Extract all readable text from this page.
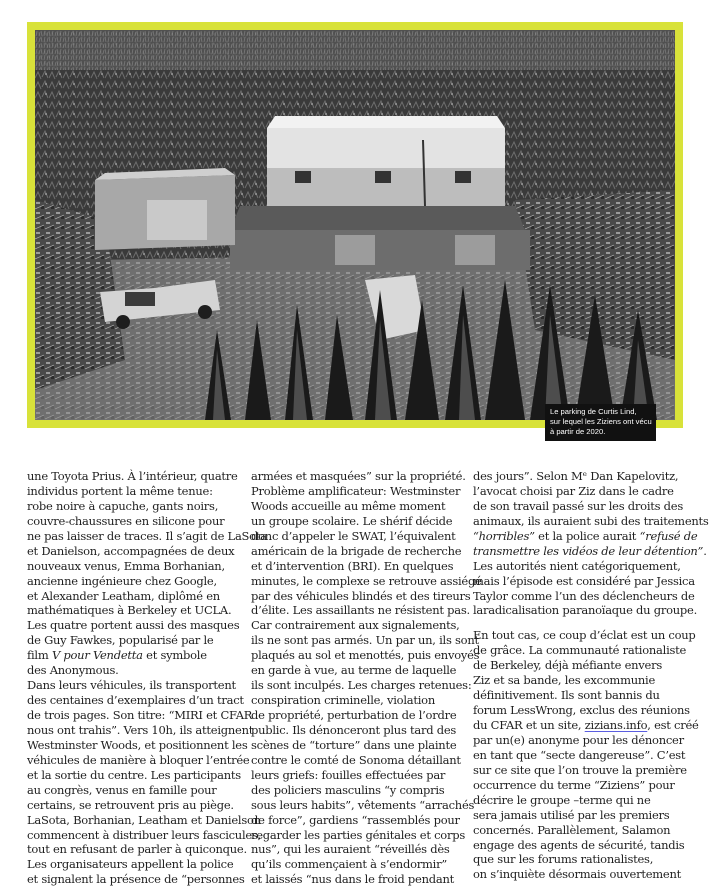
Le parking de Curtis Lind,
sur lequel les Ziziens ont vécu
à partir de 2020.
une Toyota Prius. À l’intérieur, quatre
individus portent la même tenue:
robe noire à capuche, gants noirs,
couvre-chaussures en silicone pour
ne pas laisser de traces. Il s’agit de LaSota
et Danielson, accompagnées de deux
nouveaux venus, Emma Borhanian,
ancienne ingénieure chez Google,
et Alexander Leatham, diplômé en
mathématiques à Berkeley et UCLA.
Les quatre portent aussi des masques
de Guy Fawkes, popularisé par le
film V pour Vendetta et symbole
des Anonymous.
Dans leurs véhicules, ils transportent
des centaines d’exemplaires d’un tract
de trois pages. Son titre: “MIRI et CFAR
nous ont trahis”. Vers 10h, ils atteignent
Westminster Woods, et positionnent les
véhicules de manière à bloquer l’entrée
et la sortie du centre. Les participants
au congrès, venus en famille pour
certains, se retrouvent pris au piège.
LaSota, Borhanian, Leatham et Danielson
commencent à distribuer leurs fascicules,
tout en refusant de parler à quiconque.
Les organisateurs appellent la police
et signalent la présence de “personnes
armées et masquées” sur la propriété.
Problème amplificateur: Westminster
Woods accueille au même moment
un groupe scolaire. Le shérif décide
donc d’appeler le SWAT, l’équivalent
américain de la brigade de recherche
et d’intervention (BRI). En quelques
minutes, le complexe se retrouve assiégé
par des véhicules blindés et des tireurs
d’élite. Les assaillants ne résistent pas.
Car contrairement aux signalements,
ils ne sont pas armés. Un par un, ils sont
plaqués au sol et menottés, puis envoyés
en garde à vue, au terme de laquelle
ils sont inculpés. Les charges retenues:
conspiration criminelle, violation
de propriété, perturbation de l’ordre
public. Ils dénonceront plus tard des
scènes de “torture” dans une plainte
contre le comté de Sonoma détaillant
leurs griefs: fouilles effectuées par
des policiers masculins “y compris
sous leurs habits”, vêtements “arrachés
de force”, gardiens “rassemblés pour
regarder les parties génitales et corps
nus”, qui les auraient “réveillés dès
qu’ils commençaient à s’endormir”
et laissés “nus dans le froid pendant
des jours”. Selon Mᵉ Dan Kapelovitz,
l’avocat choisi par Ziz dans le cadre
de son travail passé sur les droits des
animaux, ils auraient subi des traitements
“horribles” et la police aurait “refusé de
transmettre les vidéos de leur détention”.
Les autorités nient catégoriquement,
mais l’épisode est considéré par Jessica
Taylor comme l’un des déclencheurs de
laradicalisation paranoïaque du groupe.
En tout cas, ce coup d’éclat est un coup
de grâce. La communauté rationaliste
de Berkeley, déjà méfiante envers
Ziz et sa bande, les excommunie
définitivement. Ils sont bannis du
forum LessWrong, exclus des réunions
du CFAR et un site, zizians.info, est créé
par un(e) anonyme pour les dénoncer
en tant que “secte dangereuse”. C’est
sur ce site que l’on trouve la première
occurrence du terme “Ziziens” pour
décrire le groupe –terme qui ne
sera jamais utilisé par les premiers
concernés. Parallèlement, Salamon
engage des agents de sécurité, tandis
que sur les forums rationalistes,
on s’inquiète désormais ouvertement
